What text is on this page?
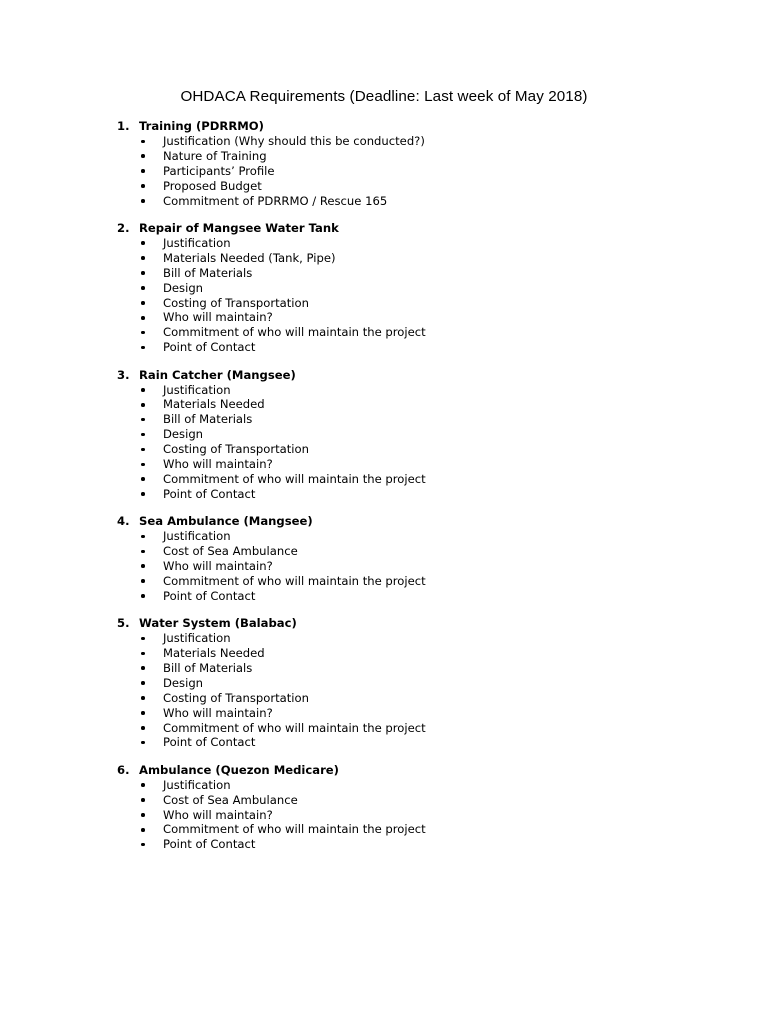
OHDACA Requirements (Deadline: Last week of May 2018)
1. Training (PDRRMO)
Justification (Why should this be conducted?)
Nature of Training
Participants’ Profile
Proposed Budget
Commitment of PDRRMO / Rescue 165
2. Repair of Mangsee Water Tank
Justification
Materials Needed (Tank, Pipe)
Bill of Materials
Design
Costing of Transportation
Who will maintain?
Commitment of who will maintain the project
Point of Contact
3. Rain Catcher (Mangsee)
Justification
Materials Needed
Bill of Materials
Design
Costing of Transportation
Who will maintain?
Commitment of who will maintain the project
Point of Contact
4. Sea Ambulance (Mangsee)
Justification
Cost of Sea Ambulance
Who will maintain?
Commitment of who will maintain the project
Point of Contact
5. Water System (Balabac)
Justification
Materials Needed
Bill of Materials
Design
Costing of Transportation
Who will maintain?
Commitment of who will maintain the project
Point of Contact
6. Ambulance (Quezon Medicare)
Justification
Cost of Sea Ambulance
Who will maintain?
Commitment of who will maintain the project
Point of Contact
